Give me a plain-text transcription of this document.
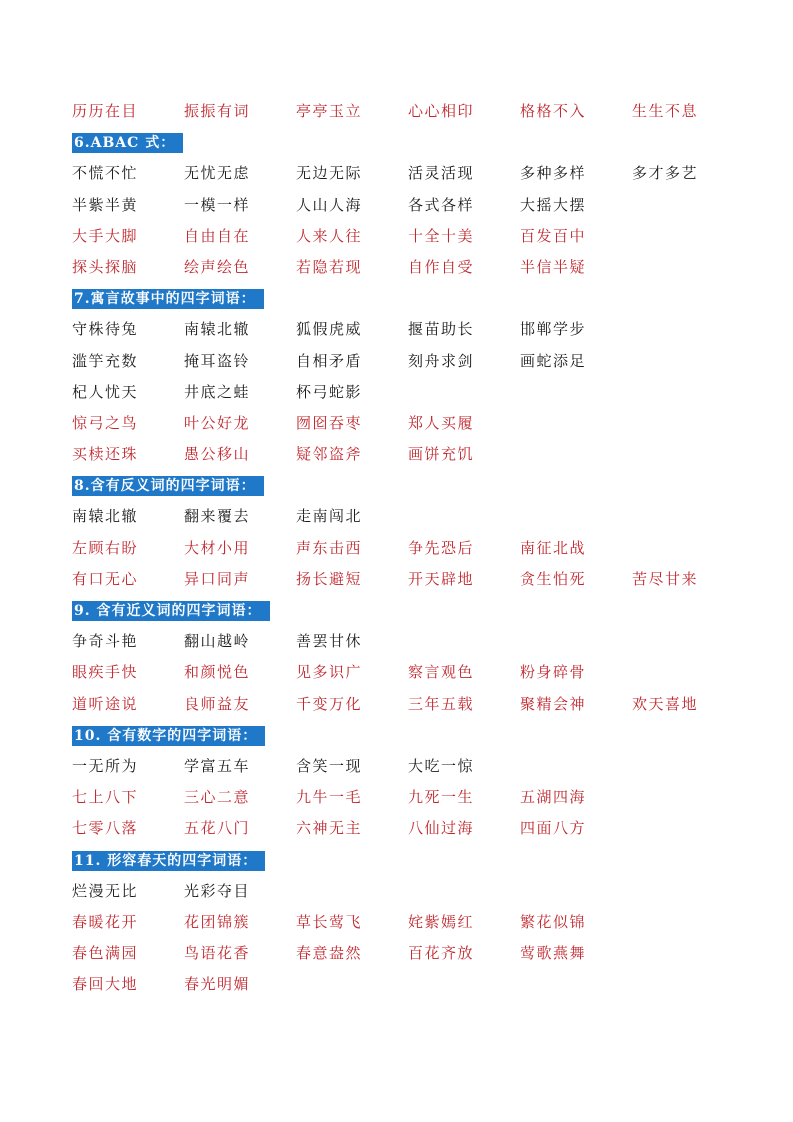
历历在目	振振有词	亭亭玉立	心心相印	格格不入	生生不息
6.ABAC 式：
不慌不忙	无忧无虑	无边无际	活灵活现	多种多样	多才多艺
半紫半黄	一模一样	人山人海	各式各样	大摇大摆
大手大脚	自由自在	人来人往	十全十美	百发百中
探头探脑	绘声绘色	若隐若现	自作自受	半信半疑
7.寓言故事中的四字词语：
守株待兔	南辕北辙	狐假虎威	揠苗助长	邯郸学步
滥竽充数	掩耳盗铃	自相矛盾	刻舟求剑	画蛇添足
杞人忧天	井底之蛙	杯弓蛇影
惊弓之鸟	叶公好龙	囫囵吞枣	郑人买履
买椟还珠	愚公移山	疑邻盗斧	画饼充饥
8.含有反义词的四字词语：
南辕北辙	翻来覆去	走南闯北
左顾右盼	大材小用	声东击西	争先恐后	南征北战
有口无心	异口同声	扬长避短	开天辟地	贪生怕死	苦尽甘来
9. 含有近义词的四字词语：
争奇斗艳	翻山越岭	善罢甘休
眼疾手快	和颜悦色	见多识广	察言观色	粉身碎骨
道听途说	良师益友	千变万化	三年五载	聚精会神	欢天喜地
10. 含有数字的四字词语：
一无所为	学富五车	含笑一现	大吃一惊
七上八下	三心二意	九牛一毛	九死一生	五湖四海
七零八落	五花八门	六神无主	八仙过海	四面八方
11. 形容春天的四字词语：
烂漫无比	光彩夺目
春暖花开	花团锦簇	草长莺飞	姹紫嫣红	繁花似锦
春色满园	鸟语花香	春意盎然	百花齐放	莺歌燕舞
春回大地	春光明媚
